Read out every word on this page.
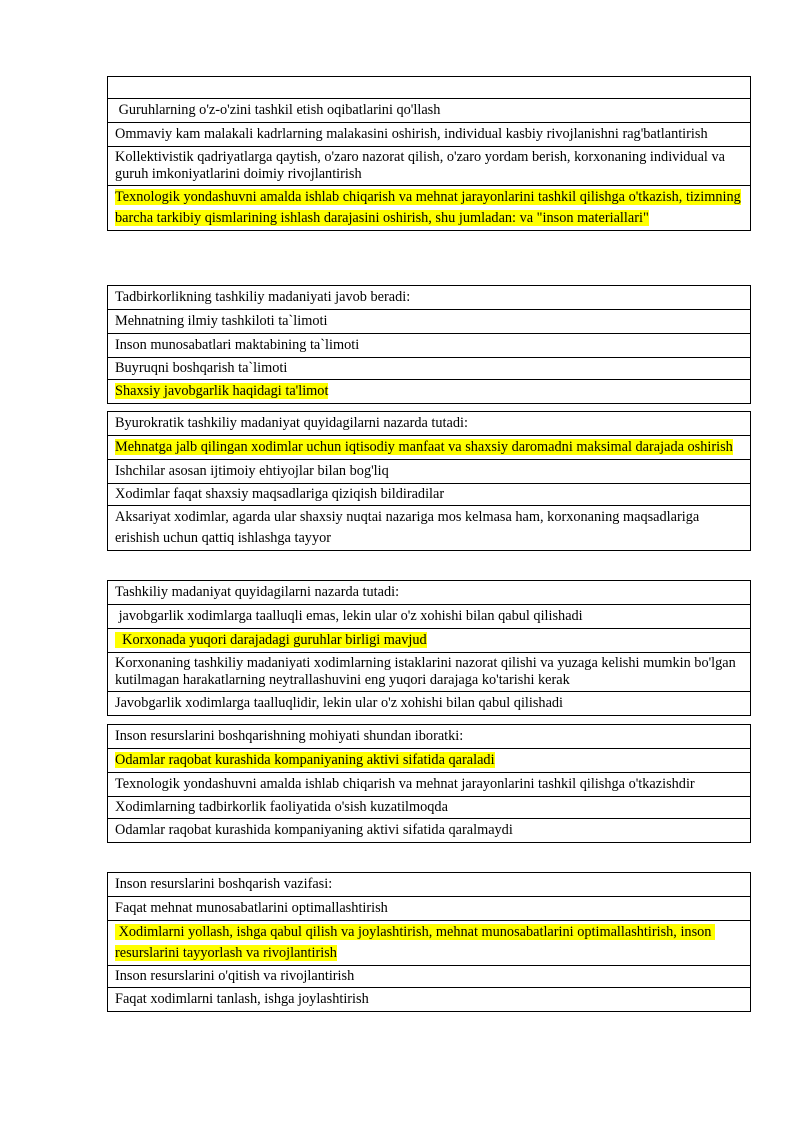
Guruhlarning o'z-o'zini tashkil etish oqibatlarini qo'llash
Ommaviy kam malakali kadrlarning malakasini oshirish, individual kasbiy rivojlanishni rag'batlantirish
Kollektivistik qadriyatlarga qaytish, o'zaro nazorat qilish, o'zaro yordam berish, korxonaning individual va guruh imkoniyatlarini doimiy rivojlantirish
Texnologik yondashuvni amalda ishlab chiqarish va mehnat jarayonlarini tashkil qilishga o'tkazish, tizimning barcha tarkibiy qismlarining ishlash darajasini oshirish, shu jumladan: va "inson materiallari"
Tadbirkorlikning tashkiliy madaniyati javob beradi:
Mehnatning ilmiy tashkiloti ta`limoti
Inson munosabatlari maktabining ta`limoti
Buyruqni boshqarish ta`limoti
Shaxsiy javobgarlik haqidagi ta'limot
Byurokratik tashkiliy madaniyat quyidagilarni nazarda tutadi:
Mehnatga jalb qilingan xodimlar uchun iqtisodiy manfaat va shaxsiy daromadni maksimal darajada oshirish
Ishchilar asosan ijtimoiy ehtiyojlar bilan bog'liq
Xodimlar faqat shaxsiy maqsadlariga qiziqish bildiradilar
Aksariyat xodimlar, agarda ular shaxsiy nuqtai nazariga mos kelmasa ham, korxonaning maqsadlariga erishish uchun qattiq ishlashga tayyor
Tashkiliy madaniyat quyidagilarni nazarda tutadi:
javobgarlik xodimlarga taalluqli emas, lekin ular o'z xohishi bilan qabul qilishadi
Korxonada yuqori darajadagi guruhlar birligi mavjud
Korxonaning tashkiliy madaniyati xodimlarning istaklarini nazorat qilishi va yuzaga kelishi mumkin bo'lgan kutilmagan harakatlarning neytrallashuvini eng yuqori darajaga ko'tarishi kerak
Javobgarlik xodimlarga taalluqlidir, lekin ular o'z xohishi bilan qabul qilishadi
Inson resurslarini boshqarishning mohiyati shundan iboratki:
Odamlar raqobat kurashida kompaniyaning aktivi sifatida qaraladi
Texnologik yondashuvni amalda ishlab chiqarish va mehnat jarayonlarini tashkil qilishga o'tkazishdir
Xodimlarning tadbirkorlik faoliyatida o'sish kuzatilmoqda
Odamlar raqobat kurashida kompaniyaning aktivi sifatida qaralmaydi
Inson resurslarini boshqarish vazifasi:
Faqat mehnat munosabatlarini optimallashtirish
Xodimlarni yollash, ishga qabul qilish va joylashtirish, mehnat munosabatlarini optimallashtirish, inson resurslarini tayyorlash va rivojlantirish
Inson resurslarini o'qitish va rivojlantirish
Faqat xodimlarni tanlash, ishga joylashtirish
